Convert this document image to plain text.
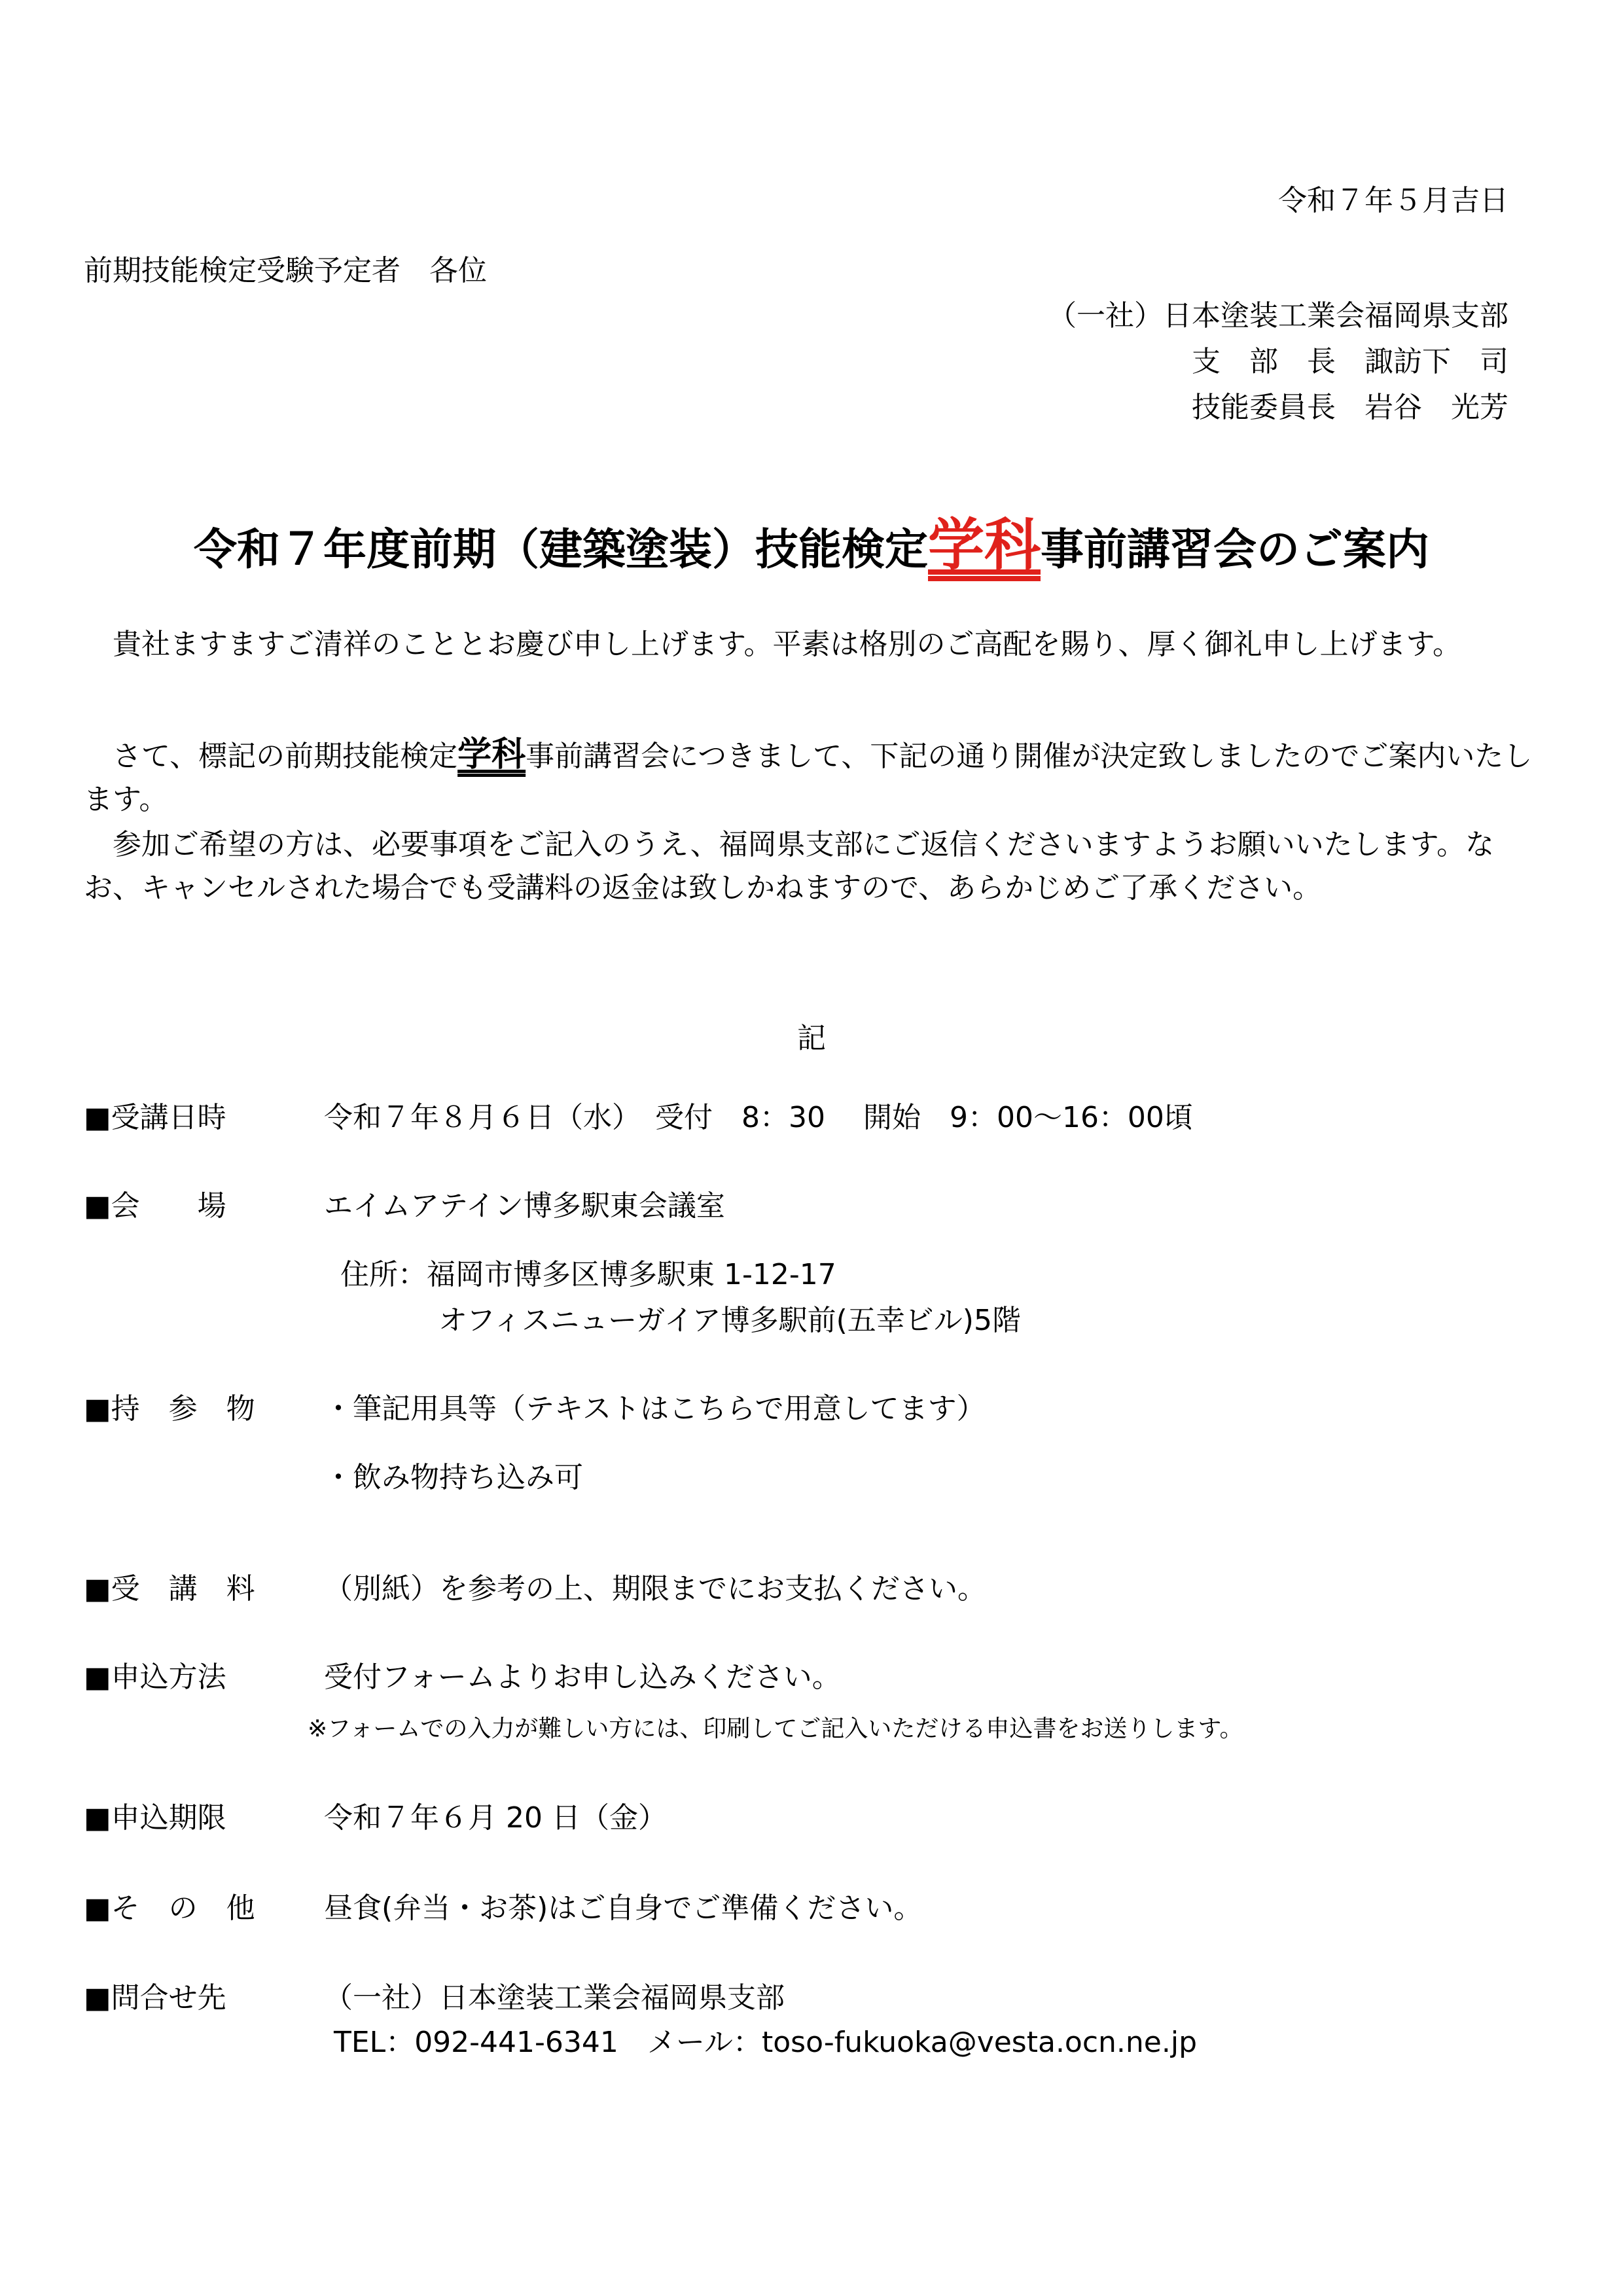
令和７年５月吉日
前期技能検定受験予定者　各位
（一社）日本塗装工業会福岡県支部
支　部　長　諏訪下　司
技能委員長　岩谷　光芳
令和７年度前期（建築塗装）技能検定学科事前講習会のご案内
　貴社ますますご清祥のこととお慶び申し上げます。平素は格別のご高配を賜り、厚く御礼申し上げます。
　さて、標記の前期技能検定学科事前講習会につきまして、下記の通り開催が決定致しましたのでご案内いたします。
　参加ご希望の方は、必要事項をご記入のうえ、福岡県支部にご返信くださいますようお願いいたします。なお、キャンセルされた場合でも受講料の返金は致しかねますので、あらかじめご了承ください。
記
■受講日時	令和７年８月６日（水）　受付　8：30　 開始　9：00～16：00頃
■会　　場	エイムアテイン博多駅東会議室
住所：福岡市博多区博多駅東 1-12-17
オフィスニューガイア博多駅前(五幸ビル)5階
■持　参　物 ・筆記用具等（テキストはこちらで用意してます）
・飲み物持ち込み可
■受　講　料 （別紙）を参考の上、期限までにお支払ください。
■申込方法	受付フォームよりお申し込みください。
※フォームでの入力が難しい方には、印刷してご記入いただける申込書をお送りします。
■申込期限	令和７年６月 20 日（金）
■そ　の　他 昼食(弁当・お茶)はご自身でご準備ください。
■問合せ先	（一社）日本塗装工業会福岡県支部
TEL：092-441-6341　メール：toso-fukuoka@vesta.ocn.ne.jp
